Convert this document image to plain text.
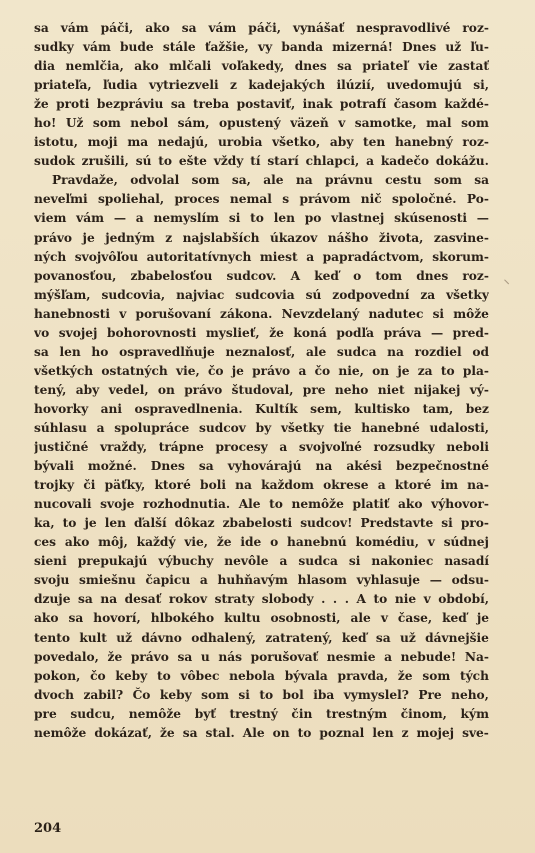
sa vám páči, ako sa vám páči, vynášať nespravodlivé roz-
sudky vám bude stále ťažšie, vy banda mizerná! Dnes už ľu-
dia nemlčia, ako mlčali voľakedy, dnes sa priateľ vie zastať
priateľa, ľudia vytriezveli z kadejakých ilúzií, uvedomujú si,
že proti bezpráviu sa treba postaviť, inak potrafí časom každé-
ho! Už som nebol sám, opustený väzeň v samotke, mal som
istotu, moji ma nedajú, urobia všetko, aby ten hanebný roz-
sudok zrušili, sú to ešte vždy tí starí chlapci, a kadečo dokážu.
Pravdaže, odvolal som sa, ale na právnu cestu som sa
neveľmi spoliehal, proces nemal s právom nič spoločné. Po-
viem vám — a nemyslím si to len po vlastnej skúsenosti —
právo je jedným z najslabších úkazov nášho života, zasvine-
ných svojvôľou autoritatívnych miest a papradáctvom, skorum-
povanosťou, zbabelosťou sudcov. A keď o tom dnes roz-
mýšľam, sudcovia, najviac sudcovia sú zodpovední za všetky
hanebnosti v porušovaní zákona. Nevzdelaný nadutec si môže
vo svojej bohorovnosti myslieť, že koná podľa práva — pred-
sa len ho ospravedlňuje neznalosť, ale sudca na rozdiel od
všetkých ostatných vie, čo je právo a čo nie, on je za to pla-
tený, aby vedel, on právo študoval, pre neho niet nijakej vý-
hovorky ani ospravedlnenia. Kultík sem, kultisko tam, bez
súhlasu a spolupráce sudcov by všetky tie hanebné udalosti,
justičné vraždy, trápne procesy a svojvoľné rozsudky neboli
bývali možné. Dnes sa vyhovárajú na akési bezpečnostné
trojky či päťky, ktoré boli na každom okrese a ktoré im na-
nucovali svoje rozhodnutia. Ale to nemôže platiť ako výhovor-
ka, to je len ďalší dôkaz zbabelosti sudcov! Predstavte si pro-
ces ako môj, každý vie, že ide o hanebnú komédiu, v súdnej
sieni prepukajú výbuchy nevôle a sudca si nakoniec nasadí
svoju smiešnu čapicu a huhňavým hlasom vyhlasuje — odsu-
dzuje sa na desať rokov straty slobody . . . A to nie v období,
ako sa hovorí, hlbokého kultu osobnosti, ale v čase, keď je
tento kult už dávno odhalený, zatratený, keď sa už dávnejšie
povedalo, že právo sa u nás porušovať nesmie a nebude! Na-
pokon, čo keby to vôbec nebola bývala pravda, že som tých
dvoch zabil? Čo keby som si to bol iba vymyslel? Pre neho,
pre sudcu, nemôže byť trestný čin trestným činom, kým
nemôže dokázať, že sa stal. Ale on to poznal len z mojej sve-
204
